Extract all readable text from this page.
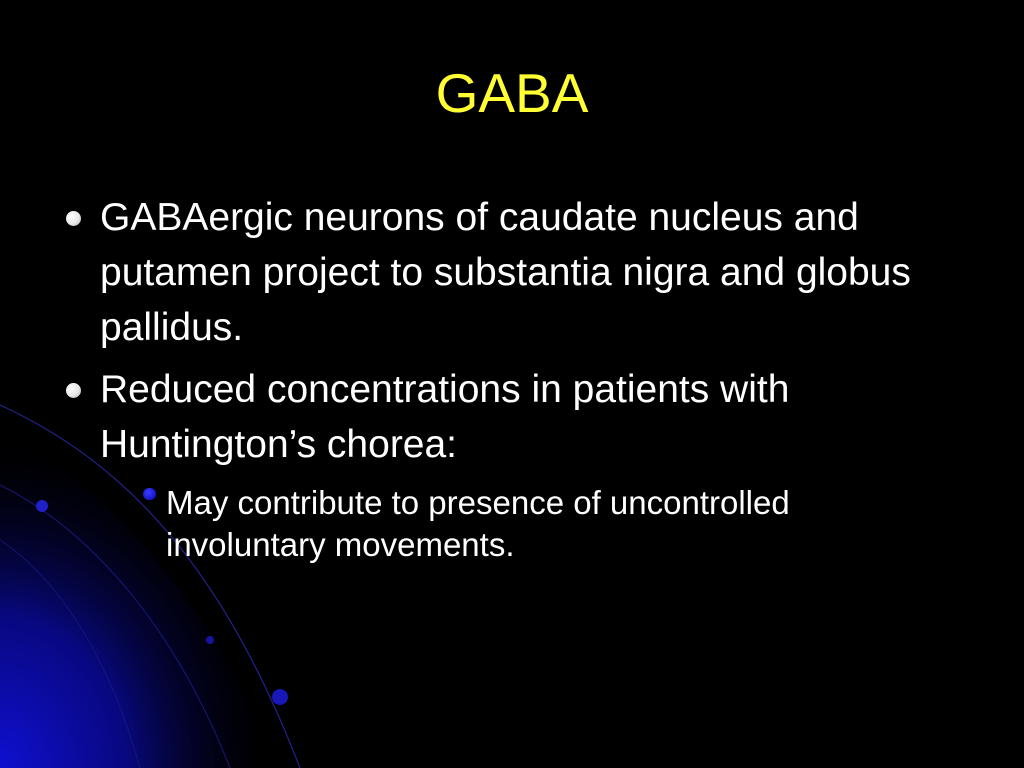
GABA
GABAergic neurons of caudate nucleus and putamen project to substantia nigra and globus pallidus.
Reduced concentrations in patients with Huntington’s chorea:
May contribute to presence of uncontrolled involuntary movements.
